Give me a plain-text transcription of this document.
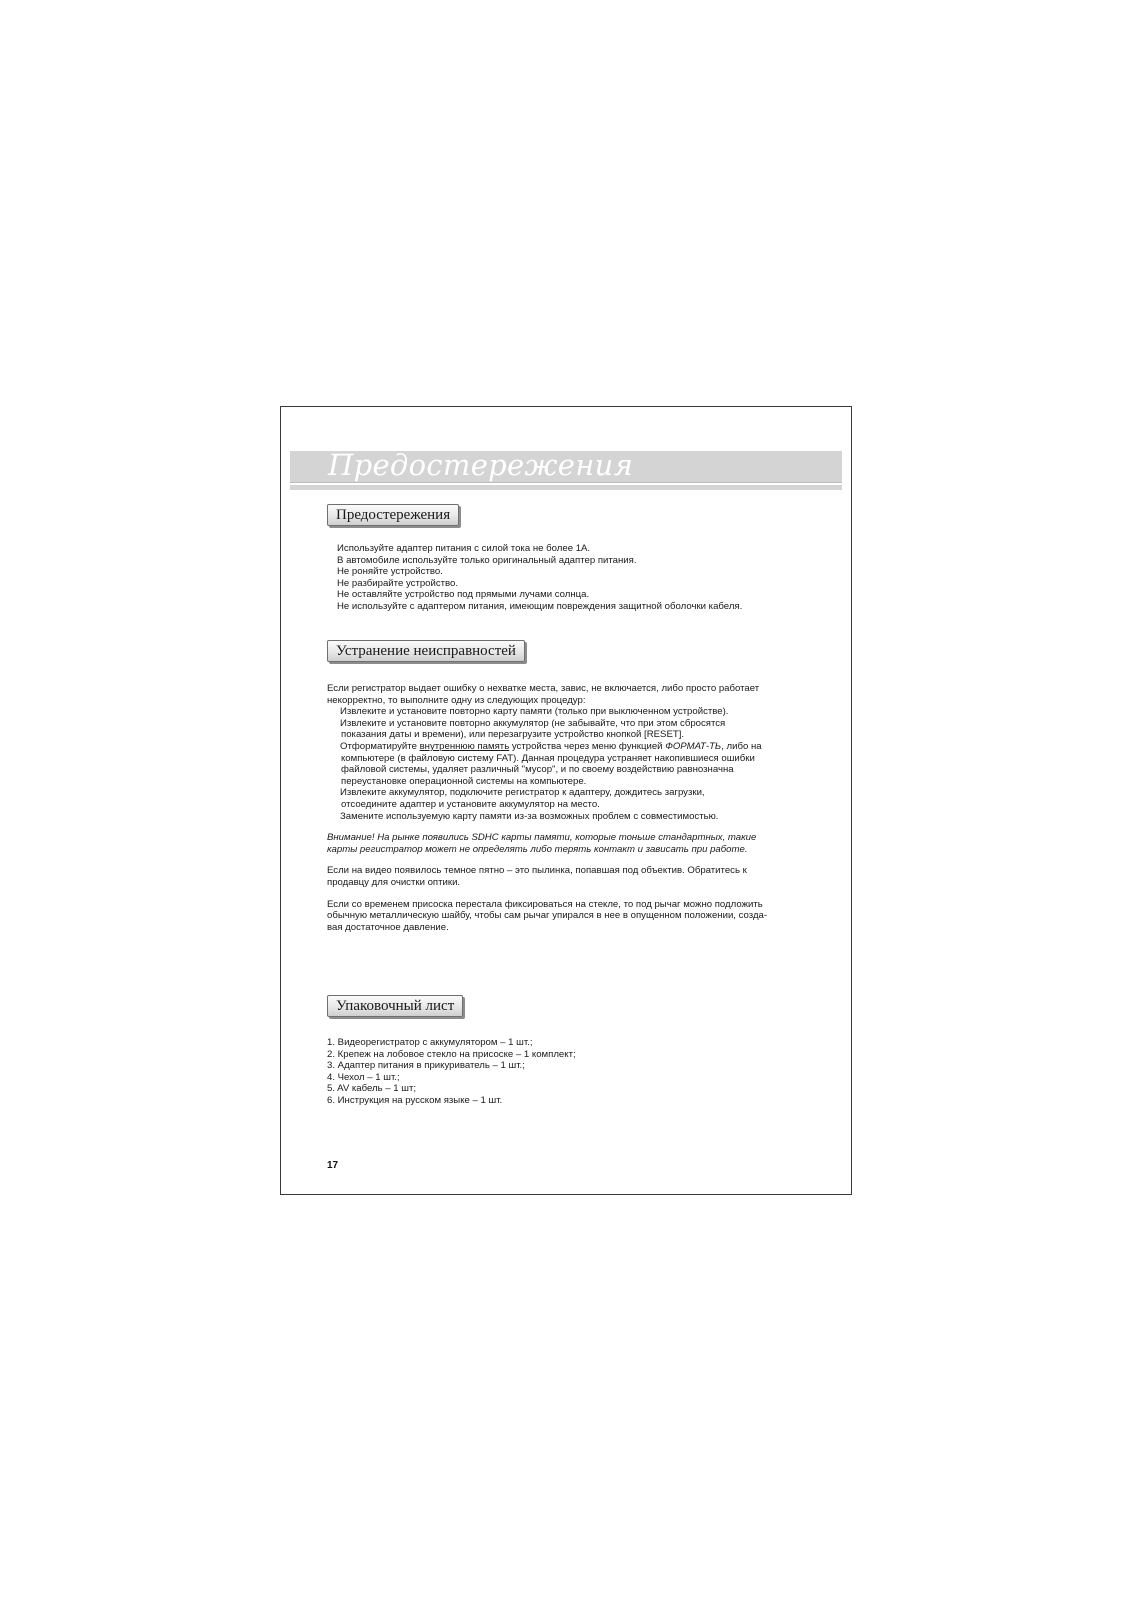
Предостережения
Предостережения

Используйте адаптер питания с силой тока не более 1А.

В автомобиле используйте только оригинальный адаптер питания.

Не роняйте устройство.

Не разбирайте устройство.

Не оставляйте устройство под прямыми лучами солнца.

Не используйте с адаптером питания, имеющим повреждения защитной оболочки кабеля.

Устранение неисправностей

Если регистратор выдает ошибку о нехватке места, завис, не включается, либо просто работает

некорректно, то выполните одну из следующих процедур:

Извлеките и установите повторно карту памяти (только при выключенном устройстве).

Извлеките и установите повторно аккумулятор (не забывайте, что при этом сбросятся

показания даты и времени), или перезагрузите устройство кнопкой [RESET].

Отформатируйте внутреннюю память устройства через меню функцией ФОРМАТ-ТЬ, либо на

компьютере (в файловую систему FAT). Данная процедура устраняет накопившиеся ошибки

файловой системы, удаляет различный "мусор", и по своему воздействию равнозначна

переустановке операционной системы на компьютере.

Извлеките аккумулятор, подключите регистратор к адаптеру, дождитесь загрузки,

отсоедините адаптер и установите аккумулятор на место.

Замените используемую карту памяти из-за возможных проблем с совместимостью.

Внимание! На рынке появились SDHC карты памяти, которые тоньше стандартных, такие

карты регистратор может не определять либо терять контакт и зависать при работе.

Если на видео появилось темное пятно – это пылинка, попавшая под объектив. Обратитесь к

продавцу для очистки оптики.

Если со временем присоска перестала фиксироваться на стекле, то под рычаг можно подложить

обычную металлическую шайбу, чтобы сам рычаг упирался в нее в опущенном положении, созда-

вая достаточное давление.

Упаковочный лист

1. Видеорегистратор с аккумулятором – 1 шт.;

2. Крепеж на лобовое стекло на присоске – 1 комплект;

3. Адаптер питания в прикуриватель – 1 шт.;

4. Чехол – 1 шт.;

5. AV кабель – 1 шт;

6. Инструкция на русском языке – 1 шт.

17
